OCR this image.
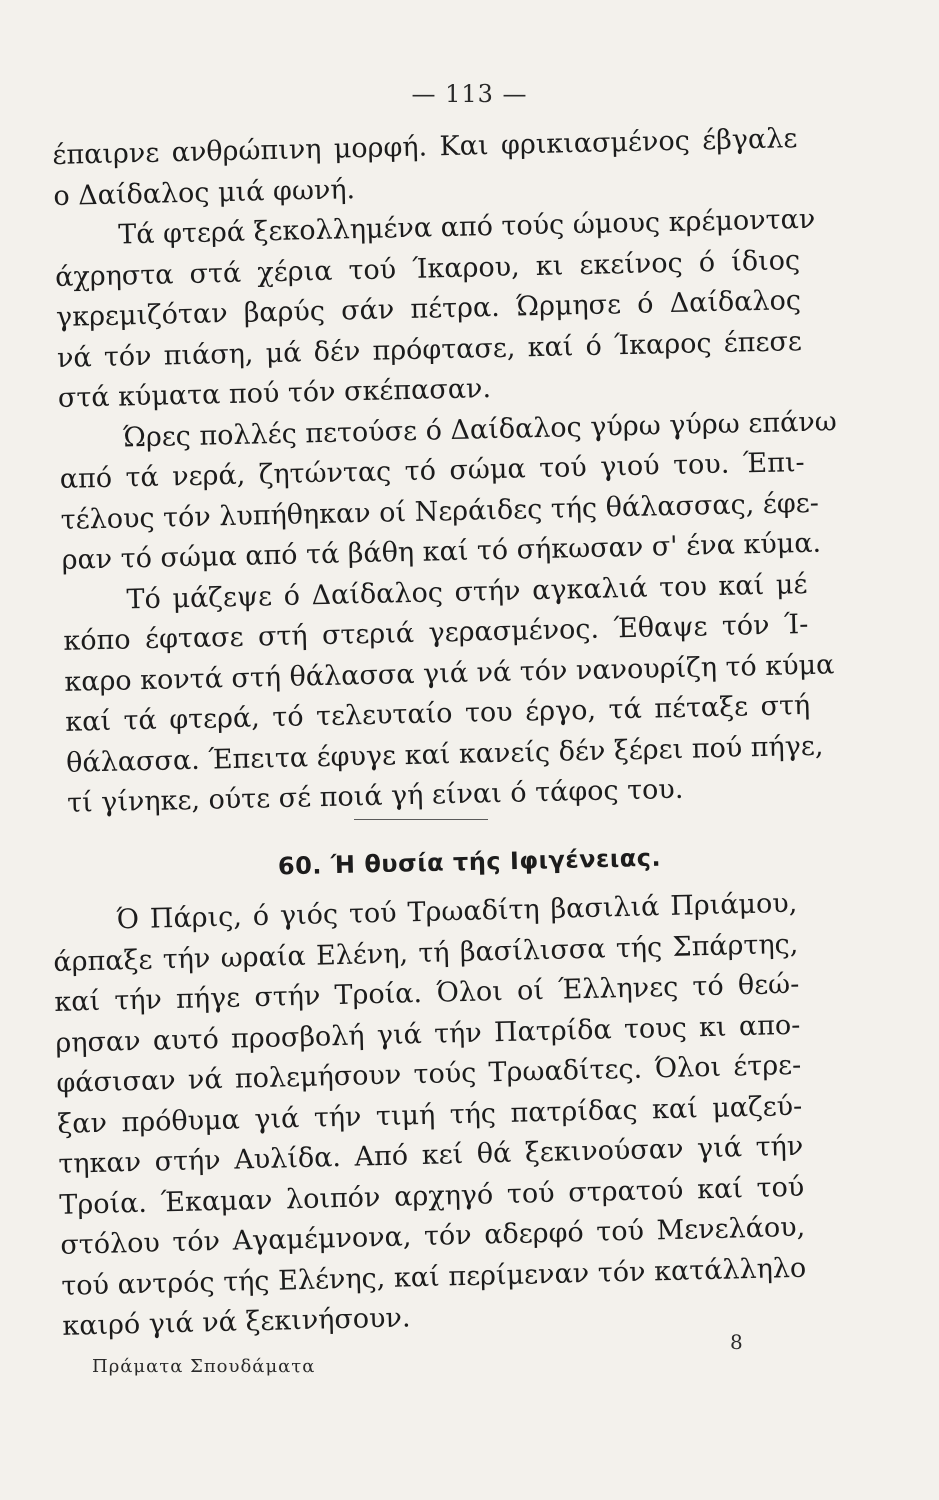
— 113 —
έπαιρνε ανθρώπινη μορφή. Και φρικιασμένος έβγαλε
ο Δαίδαλος μιά φωνή.
Τά φτερά ξεκολλημένα από τούς ώμους κρέμονταν
άχρηστα στά χέρια τού Ίκαρου, κι εκείνος ό ίδιος
γκρεμιζόταν βαρύς σάν πέτρα. Ώρμησε ό Δαίδαλος
νά τόν πιάση, μά δέν πρόφτασε, καί ό Ίκαρος έπεσε
στά κύματα πού τόν σκέπασαν.
Ώρες πολλές πετούσε ό Δαίδαλος γύρω γύρω επάνω
από τά νερά, ζητώντας τό σώμα τού γιού του. Έπι-
τέλους τόν λυπήθηκαν οί Νεράιδες τής θάλασσας, έφε-
ραν τό σώμα από τά βάθη καί τό σήκωσαν σ' ένα κύμα.
Τό μάζεψε ό Δαίδαλος στήν αγκαλιά του καί μέ
κόπο έφτασε στή στεριά γερασμένος. Έθαψε τόν Ί-
καρο κοντά στή θάλασσα γιά νά τόν νανουρίζη τό κύμα
καί τά φτερά, τό τελευταίο του έργο, τά πέταξε στή
θάλασσα. Έπειτα έφυγε καί κανείς δέν ξέρει πού πήγε,
τί γίνηκε, ούτε σέ ποιά γή είναι ό τάφος του.
60. Ή θυσία τής Ιφιγένειας.
Ό Πάρις, ό γιός τού Τρωαδίτη βασιλιά Πριάμου,
άρπαξε τήν ωραία Ελένη, τή βασίλισσα τής Σπάρτης,
καί τήν πήγε στήν Τροία. Όλοι οί Έλληνες τό θεώ-
ρησαν αυτό προσβολή γιά τήν Πατρίδα τους κι απο-
φάσισαν νά πολεμήσουν τούς Τρωαδίτες. Όλοι έτρε-
ξαν πρόθυμα γιά τήν τιμή τής πατρίδας καί μαζεύ-
τηκαν στήν Αυλίδα. Από κεί θά ξεκινούσαν γιά τήν
Τροία. Έκαμαν λοιπόν αρχηγό τού στρατού καί τού
στόλου τόν Αγαμέμνονα, τόν αδερφό τού Μενελάου,
τού αντρός τής Ελένης, καί περίμεναν τόν κατάλληλο
καιρό γιά νά ξεκινήσουν.
8
Πράματα Σπουδάματα
